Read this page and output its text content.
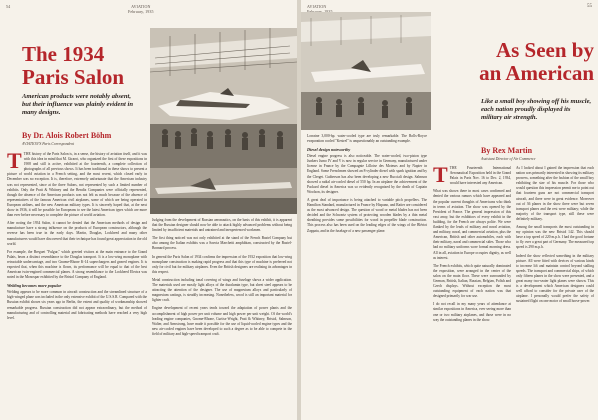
54	AVIATION
February, 1935
The 1934
Paris Salon
American products were notably absent, but their influence was plainly evident in many designs.
By Dr. Alois Robert Böhm
AVIATION'S Paris Correspondent

TTHE history of the Paris Salon is, in a sense, the history of aviation itself, and it was with this idea in mind that M. Girarot, who organized the first of these expositions in 1908 and still is active, exhibited at the fourteenth, a complete collection of photographs of all previous shows. It has been traditional in these shows to present a picture of world aviation in a French setting, and the most recent, which closed early in December was no exception. It is, therefore, extremely unfortunate that the American industry was not represented, since at the three Salons, not represented by such a limited number of exhibits. Only the Pratt & Whitney and the Bendix Companies were officially represented, though the absence of the American products was not felt as much because of the absence of representatives of the famous American civil airplanes, some of which are being operated in European airlines, and the new American military types. It is sincerely hoped that, at the next show in 1936, it will be possible for Europeans to see the latest American types which are more than ever before necessary to complete the picture of world aviation.

After noting the 1934 Salon, it cannot be denied that the American methods of design and manufacture have a strong influence on the products of European constructors, although the reverse has been true in the early days. Martin, Douglas, Lockheed and many other manufacturers would have discovered that their technique has found great appreciation in the old world.

For example, the Breguet "Fulgur," which greeted visitors at the main entrance to the Grand Palais, bears a distinct resemblance to the Douglas transport. It is a low-wing monoplane with retractable undercarriage, and two Gnome-Rhone K-14 superchargers and geared engines. It is expected that, when this machine is flown, its performance will be equal to that of the best American twin-engined commercial planes. A strong resemblance to the Lockheed Electra was noted in the Monospar exhibited by the Bristol Company of England.

Welding becomes more popular

Welding appears to be more common in aircraft construction and the streamlined structure of a high-winged plane was included in the only extensive exhibit of the U.S.S.R. Compared with the Russian exhibit shown six years ago in Berlin, the extent and quality of workmanship showed remarkable progress. Russian construction did not appear extraordinary, but the method of manufacturing and of controlling material and fabricating methods have reached a very high level.

Judging from the development of Russian aeronautics, on the basis of this exhibit, it is apparent that the Russian designer should now be able to attack highly advanced problems without being limited by insufficient materials and untrained and inexperienced workmen.

The first thing noticed was not only exhibited at the stand of the French Bustel Company but also among the Italian exhibits was a Savoia Marchetti amphibian, constructed by the Bustel-Bonnard process.

In general the Paris Salon of 1934 confirms the impression of the 1932 exposition that low-wing monoplane construction is making rapid progress and that this type of machine is preferred not only for civil but for military airplanes. Even the British designers are realizing its advantages in this respect.

Metal construction including tonal covering of wings and fuselage shows a wider application. The materials used are mostly light alloys of the duralumin type, but sheet steel appears to be attracting the attention of the designer. The use of magnesium alloys and particularly of magnesium castings, is steadily increasing. Nonetheless, wood is still an important material for lighter craft.

Engine development of recent years tends toward the adaptation of power plants and the accomplishment of high power per unit volume and high power per unit weight. Of the world's leading engine companies, Gnome-Rhone, Curtiss-Wright, Pratt & Whitney, Bristol, Salmson, Walter, and Armstrong, have made it possible for the use of liquid-cooled engine types and the new air-cooled engines have been developed to such a degree as to be able to compete in the field of military and high-speed transport craft.

AVIATION
	55
As Seen by
an American
Like a small boy showing off his muscle, each nation proudly displayed its military air strength.
By Rex Martin
Assistant Director of Air Commerce

Lorraine 3,000-hp. water-cooled type are truly remarkable. The Rolls-Royce evaporation cooled "Kestrel" is unquestionably an outstanding example.

Diesel design noteworthy

Diesel engine progress is also noticeable. The water-cooled, two-piston type Junkers Jumo IV and V is now in regular service in Germany, manufactured under license in France by the Compagnie Lilloise des Moteurs and by Napier in England. Some Frenchmen showed an 8-cylinder diesel with spark ignition and by the Clerget. Guiberson has also been developing a new Bucciali design. Salmson showed a radial air-cooled diesel of 550 hp. In an airplane the achievement of the Packard diesel in America was so evidently recognized by the death of Captain Woolson, its designer.

A great deal of importance is being attached to variable pitch propellers. The Hamilton Standard, manufactured in France by Hispano, and Ratier are considered as the most advanced design. The question of wood or metal blades has not been decided and the Schwartz system of protecting wooden blades by a thin metal sheathing provides some possibilities for wood in propeller blade construction. This process also has been used on the leading edges of the wings of the Blériot Zappata, and in the fuselage of a new passenger plane.

TTHE Fourteenth International Aeronautical Exposition held in the Grand Palais in Paris Nov. 16 to Dec. 2, 1934, would have interested any American.

What was shown there in most cases confirmed and denied the various rumors which have appeared and the popular current thoughts of Americans who think in terms of aviation. The show was opened by the President of France. The general impression of this vast array, but the exhibitors of every exhibit in the building, for the French are always polite. We were flanked by the leads of military and naval aviation, and military, naval, and commercial aviation, plus the American, British and other automobiles, each with their military, naval and commercial sides. Those who had no military uniforms wore formal morning dress. All in all, aviation in Europe occupies dignity, as well as interest.

The French exhibits, which quite naturally dominated the exposition, were arranged in the center of the salon on the main floor. These were surrounded by German, British, Italian, Russian, Belgian, Polish and Czech displays. Without exception the most outstanding equipment of each nation was that designed primarily for war use.

I do not recall in my many years of attendance at similar expositions in America, ever seeing more than one or two military airplanes, and those were in no way the outstanding planes in the show.

As I looked about I gained the impression that each nation was primarily interested in showing its military prowess, something after the fashion of the small boy exhibiting the size of his muscle. For those who would question this impression permit me to point out that fourteen guns are not commercial transport aircraft, and there were in great evidence. Moreover out of 36 planes in the show there were but seven transport planes and the rest were military; while the majority of the transport type, still these were definitely military.

Among the small transports the most outstanding in my opinion was the new Bristol 142. This should have a top speed of 220 m.p.h. I had the good fortune to fly over a great part of Germany. The measured top speed is 290 m.p.h.

Indeed the show reflected something in the military picture. All were fitted with devices of various kinds to increase lift and maintain control beyond stalling speeds. The transport and commercial ships, of which only fifteen planes in the show were presented, and a great many two-seater light planes were shown. This is a development which American designers could well afford to consider for the private user of the airplane. I personally would prefer the safety of sustained flight on one motor of small horse-power.
